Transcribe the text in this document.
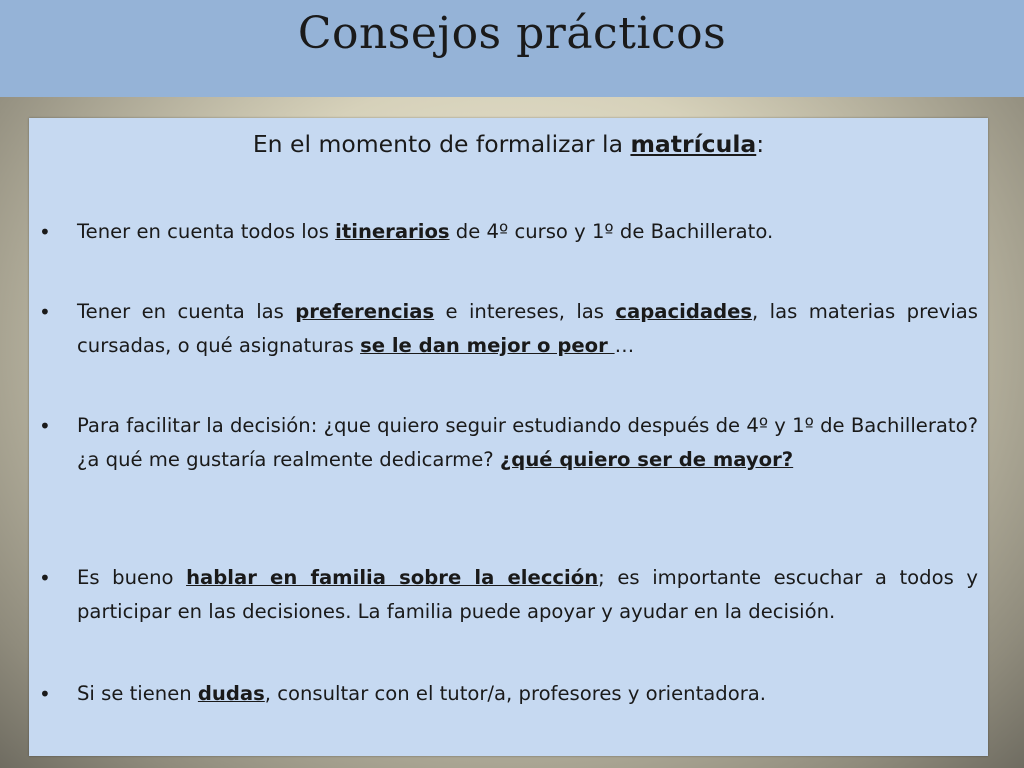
Consejos prácticos
En el momento de formalizar la matrícula:
• Tener en cuenta todos los itinerarios de 4º curso y 1º de Bachillerato.
• Tener en cuenta las preferencias e intereses, las capacidades, las materias previas cursadas, o qué asignaturas se le dan mejor o peor …
• Para facilitar la decisión: ¿que quiero seguir estudiando después de 4º y 1º de Bachillerato? ¿a qué me gustaría realmente dedicarme? ¿qué quiero ser de mayor?
• Es bueno hablar en familia sobre la elección; es importante escuchar a todos y participar en las decisiones. La familia puede apoyar y ayudar en la decisión.
• Si se tienen dudas, consultar con el tutor/a, profesores y orientadora.
